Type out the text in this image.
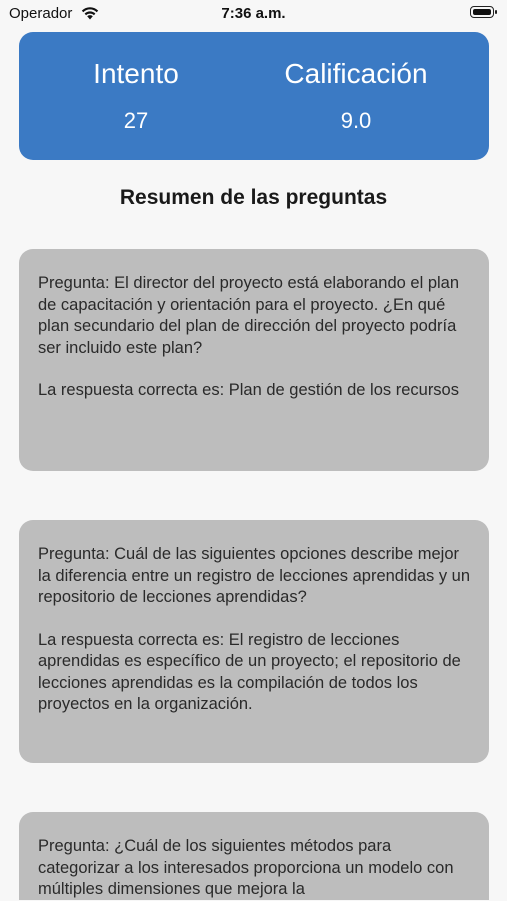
Operador	7:36 a.m.
Intento
27
Calificación
9.0
Resumen de las preguntas

Pregunta: El director del proyecto está elaborando el plan de capacitación y orientación para el proyecto. ¿En qué plan secundario del plan de dirección del proyecto podría ser incluido este plan?

La respuesta correcta es: Plan de gestión de los recursos

Pregunta: Cuál de las siguientes opciones describe mejor la diferencia entre un registro de lecciones aprendidas y un repositorio de lecciones aprendidas?

La respuesta correcta es: El registro de lecciones aprendidas es específico de un proyecto; el repositorio de lecciones aprendidas es la compilación de todos los proyectos en la organización.

Pregunta: ¿Cuál de los siguientes métodos para categorizar a los interesados proporciona un modelo con múltiples dimensiones que mejora la
